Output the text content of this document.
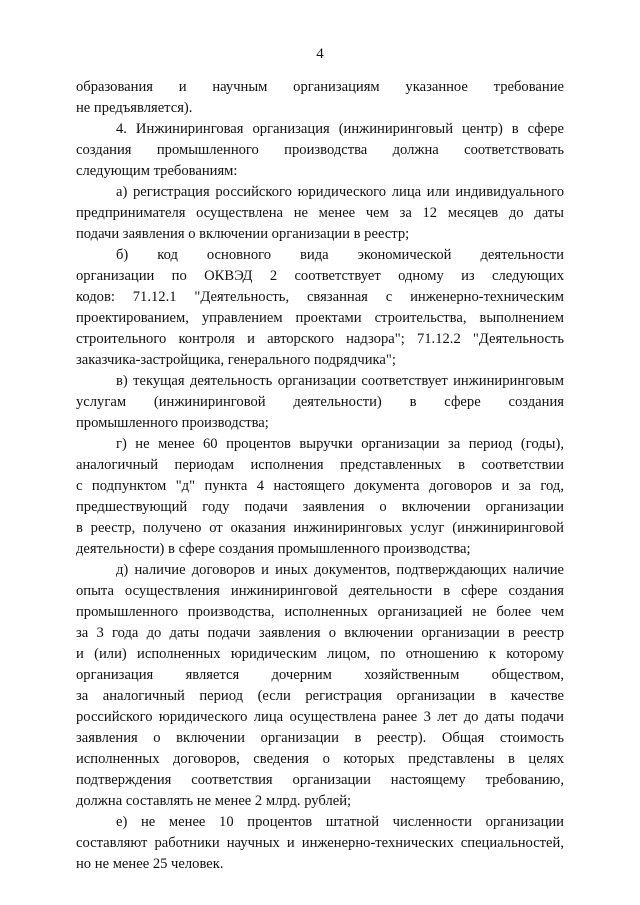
4
образования и научным организациям указанное требование
не предъявляется).
4. Инжиниринговая организация (инжиниринговый центр) в сфере
создания промышленного производства должна соответствовать
следующим требованиям:
а) регистрация российского юридического лица или индивидуального
предпринимателя осуществлена не менее чем за 12 месяцев до даты
подачи заявления о включении организации в реестр;
б) код основного вида экономической деятельности
организации по ОКВЭД 2 соответствует одному из следующих
кодов: 71.12.1 "Деятельность, связанная с инженерно-техническим
проектированием, управлением проектами строительства, выполнением
строительного контроля и авторского надзора"; 71.12.2 "Деятельность
заказчика-застройщика, генерального подрядчика";
в) текущая деятельность организации соответствует инжиниринговым
услугам (инжиниринговой деятельности) в сфере создания
промышленного производства;
г) не менее 60 процентов выручки организации за период (годы),
аналогичный периодам исполнения представленных в соответствии
с подпунктом "д" пункта 4 настоящего документа договоров и за год,
предшествующий году подачи заявления о включении организации
в реестр, получено от оказания инжиниринговых услуг (инжиниринговой
деятельности) в сфере создания промышленного производства;
д) наличие договоров и иных документов, подтверждающих наличие
опыта осуществления инжиниринговой деятельности в сфере создания
промышленного производства, исполненных организацией не более чем
за 3 года до даты подачи заявления о включении организации в реестр
и (или) исполненных юридическим лицом, по отношению к которому
организация является дочерним хозяйственным обществом,
за аналогичный период (если регистрация организации в качестве
российского юридического лица осуществлена ранее 3 лет до даты подачи
заявления о включении организации в реестр). Общая стоимость
исполненных договоров, сведения о которых представлены в целях
подтверждения соответствия организации настоящему требованию,
должна составлять не менее 2 млрд. рублей;
е) не менее 10 процентов штатной численности организации
составляют работники научных и инженерно-технических специальностей,
но не менее 25 человек.
